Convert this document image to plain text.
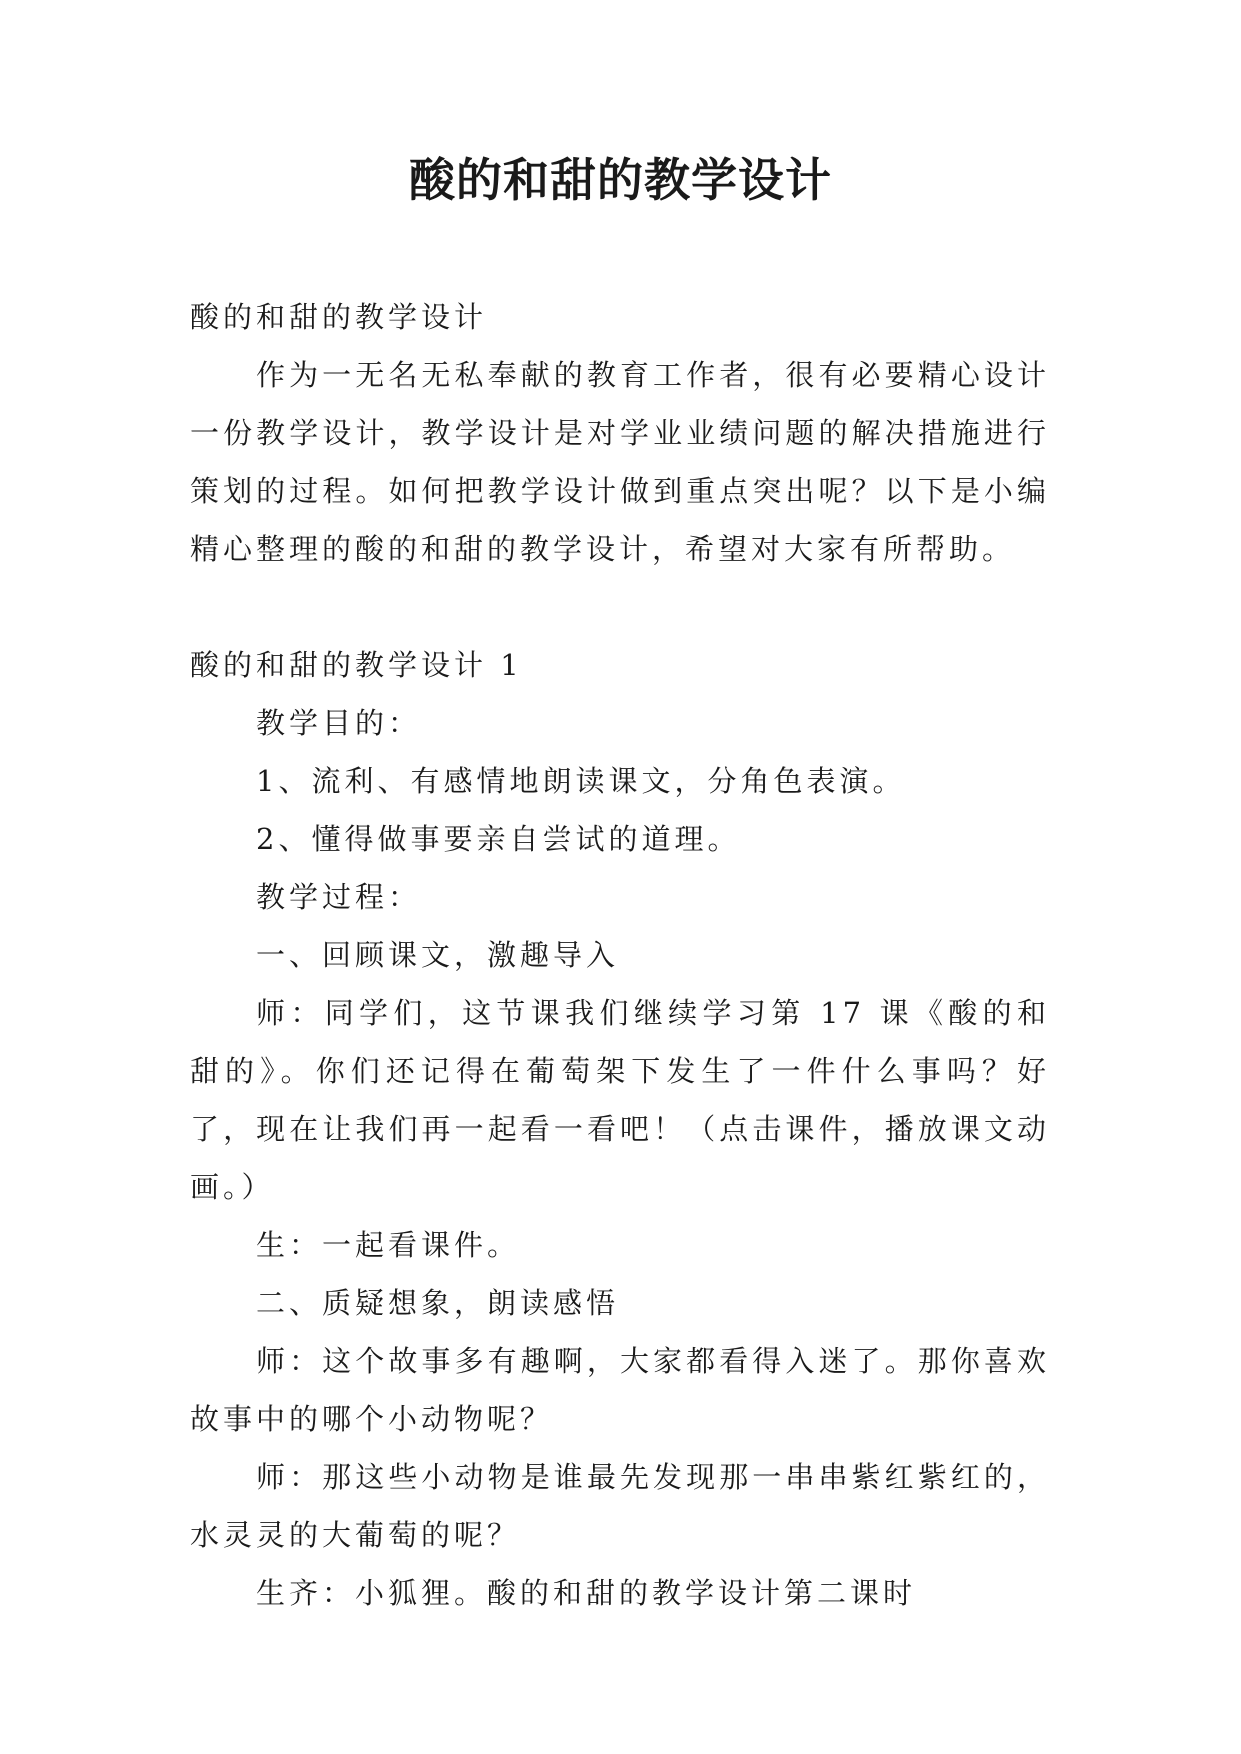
酸的和甜的教学设计

酸的和甜的教学设计

作为一无名无私奉献的教育工作者，很有必要精心设计一份教学设计，教学设计是对学业业绩问题的解决措施进行策划的过程。如何把教学设计做到重点突出呢？以下是小编精心整理的酸的和甜的教学设计，希望对大家有所帮助。

酸的和甜的教学设计 1

教学目的：

1、流利、有感情地朗读课文，分角色表演。

2、懂得做事要亲自尝试的道理。

教学过程：

一、回顾课文，激趣导入

师：同学们，这节课我们继续学习第 17 课《酸的和甜的》。你们还记得在葡萄架下发生了一件什么事吗？好了，现在让我们再一起看一看吧！（点击课件，播放课文动画。）

生：一起看课件。

二、质疑想象，朗读感悟

师：这个故事多有趣啊，大家都看得入迷了。那你喜欢故事中的哪个小动物呢？

师：那这些小动物是谁最先发现那一串串紫红紫红的，水灵灵的大葡萄的呢？

生齐：小狐狸。酸的和甜的教学设计第二课时
